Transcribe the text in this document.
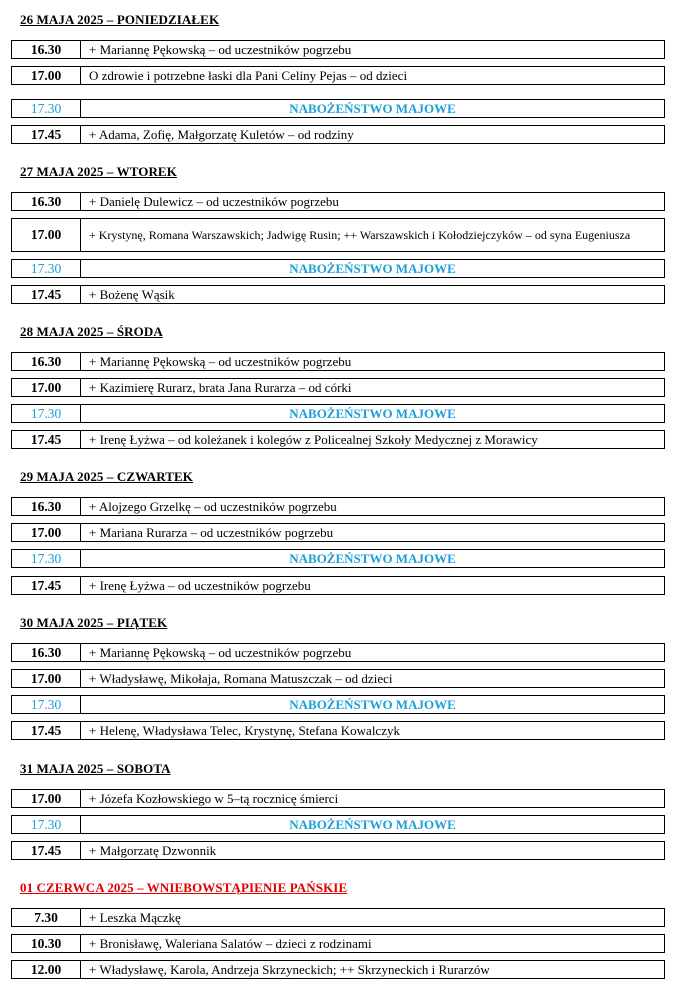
26 MAJA 2025 – PONIEDZIAŁEK
16.30	+ Mariannę Pękowską – od uczestników pogrzebu
17.00	O zdrowie i potrzebne łaski dla Pani Celiny Pejas – od dzieci
17.30	NABOŻEŃSTWO MAJOWE
17.45	+ Adama, Zofię, Małgorzatę Kuletów – od rodziny
27 MAJA 2025 – WTOREK
16.30	+ Danielę Dulewicz – od uczestników pogrzebu
17.00	+ Krystynę, Romana Warszawskich; Jadwigę Rusin; ++ Warszawskich i Kołodziejczyków – od syna Eugeniusza
17.30	NABOŻEŃSTWO MAJOWE
17.45	+ Bożenę Wąsik
28 MAJA 2025 – ŚRODA
16.30	+ Mariannę Pękowską – od uczestników pogrzebu
17.00	+ Kazimierę Rurarz, brata Jana Rurarza – od córki
17.30	NABOŻEŃSTWO MAJOWE
17.45	+ Irenę Łyżwa – od koleżanek i kolegów z Policealnej Szkoły Medycznej z Morawicy
29 MAJA 2025 – CZWARTEK
16.30	+ Alojzego Grzelkę – od uczestników pogrzebu
17.00	+ Mariana Rurarza – od uczestników pogrzebu
17.30	NABOŻEŃSTWO MAJOWE
17.45	+ Irenę Łyżwa – od uczestników pogrzebu
30 MAJA 2025 – PIĄTEK
16.30	+ Mariannę Pękowską – od uczestników pogrzebu
17.00	+ Władysławę, Mikołaja, Romana Matuszczak – od dzieci
17.30	NABOŻEŃSTWO MAJOWE
17.45	+ Helenę, Władysława Telec, Krystynę, Stefana Kowalczyk
31 MAJA 2025 – SOBOTA
17.00	+ Józefa Kozłowskiego w 5–tą rocznicę śmierci
17.30	NABOŻEŃSTWO MAJOWE
17.45	+ Małgorzatę Dzwonnik
01 CZERWCA 2025 – WNIEBOWSTĄPIENIE PAŃSKIE
7.30	+ Leszka Mączkę
10.30	+ Bronisławę, Waleriana Salatów – dzieci z rodzinami
12.00	+ Władysławę, Karola, Andrzeja Skrzyneckich; ++ Skrzyneckich i Rurarzów
